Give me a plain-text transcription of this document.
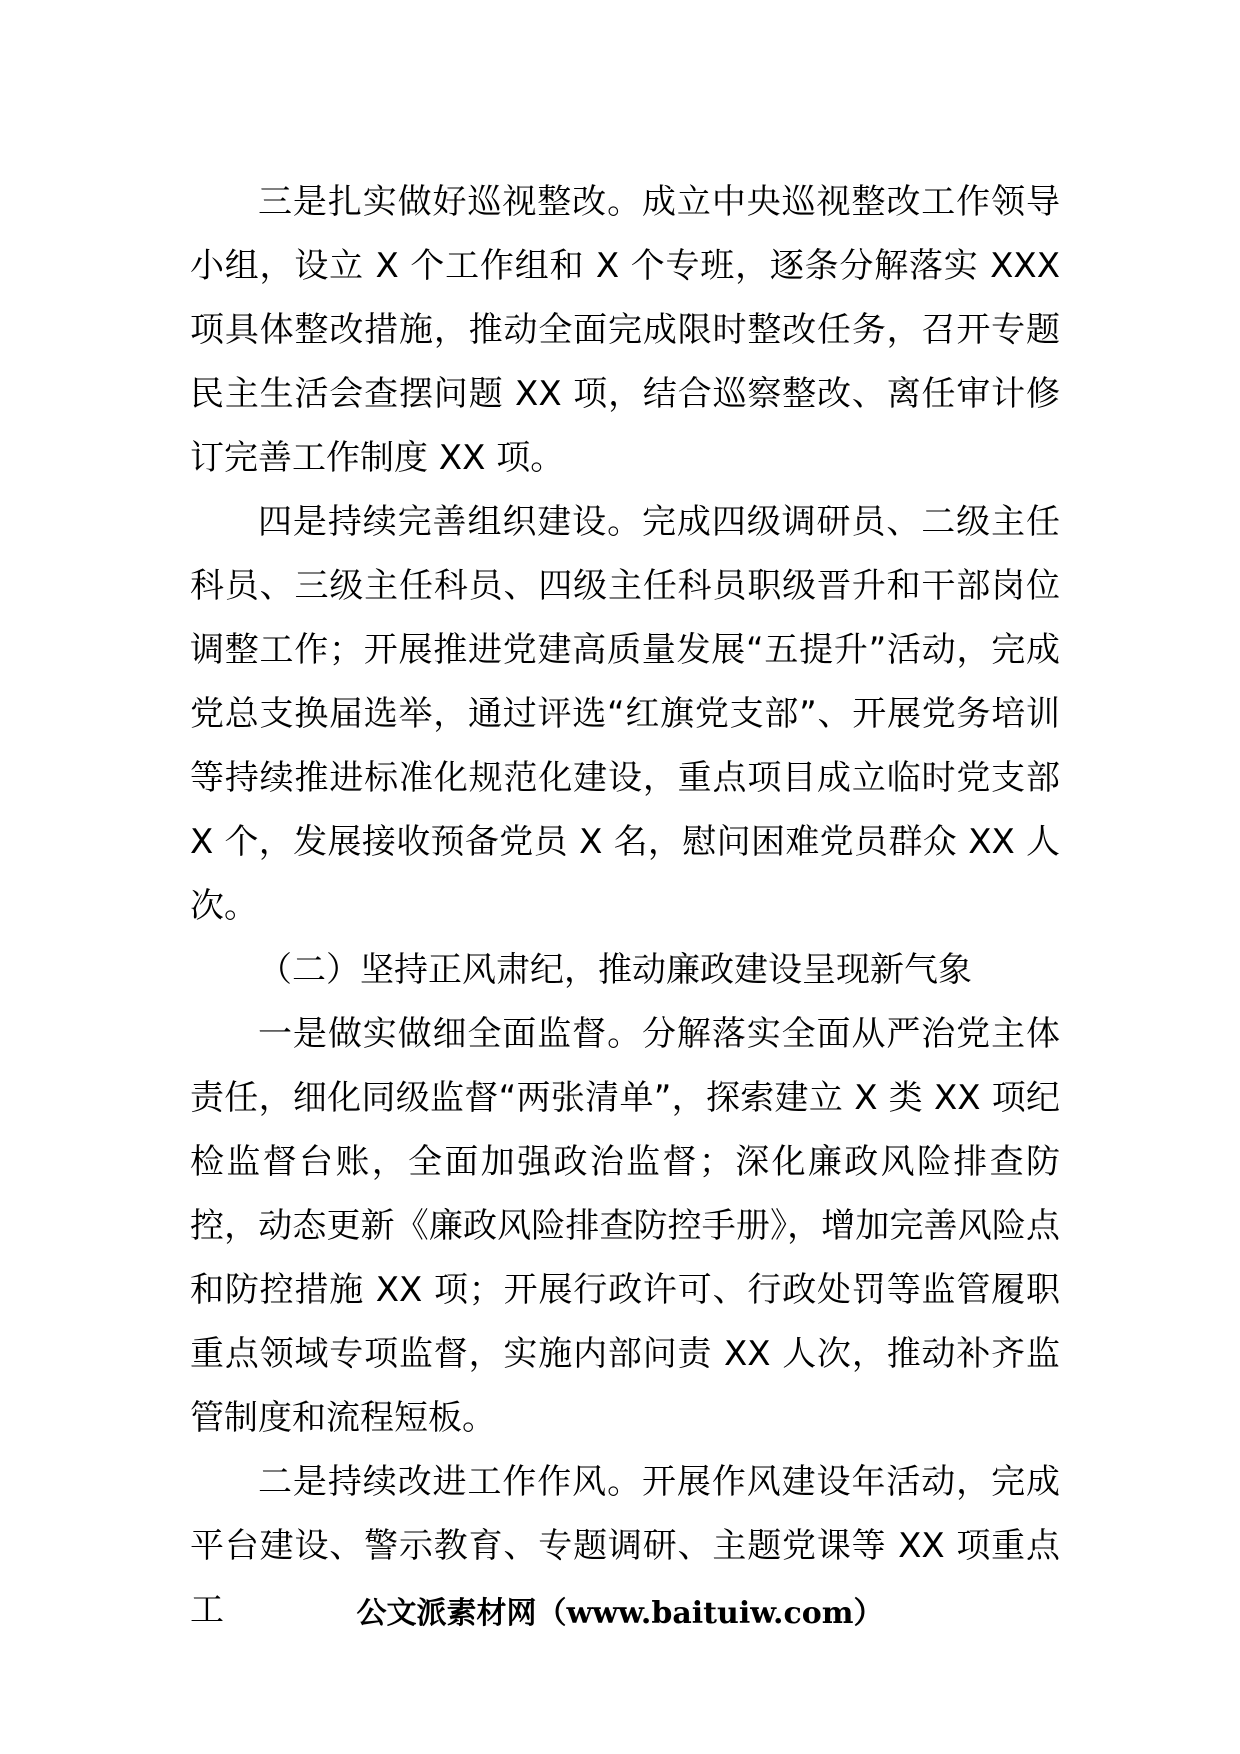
三是扎实做好巡视整改。成立中央巡视整改工作领导小组，设立 X 个工作组和 X 个专班，逐条分解落实 XXX 项具体整改措施，推动全面完成限时整改任务，召开专题民主生活会查摆问题 XX 项，结合巡察整改、离任审计修订完善工作制度 XX 项。

四是持续完善组织建设。完成四级调研员、二级主任科员、三级主任科员、四级主任科员职级晋升和干部岗位调整工作；开展推进党建高质量发展“五提升”活动，完成党总支换届选举，通过评选“红旗党支部”、开展党务培训等持续推进标准化规范化建设，重点项目成立临时党支部 X 个，发展接收预备党员 X 名，慰问困难党员群众 XX 人次。

（二）坚持正风肃纪，推动廉政建设呈现新气象

一是做实做细全面监督。分解落实全面从严治党主体责任，细化同级监督“两张清单”，探索建立 X 类 XX 项纪检监督台账，全面加强政治监督；深化廉政风险排查防控，动态更新《廉政风险排查防控手册》，增加完善风险点和防控措施 XX 项；开展行政许可、行政处罚等监管履职重点领域专项监督，实施内部问责 XX 人次，推动补齐监管制度和流程短板。

二是持续改进工作作风。开展作风建设年活动，完成平台建设、警示教育、专题调研、主题党课等 XX 项重点工	公文派素材网（www.baituiw.com）
